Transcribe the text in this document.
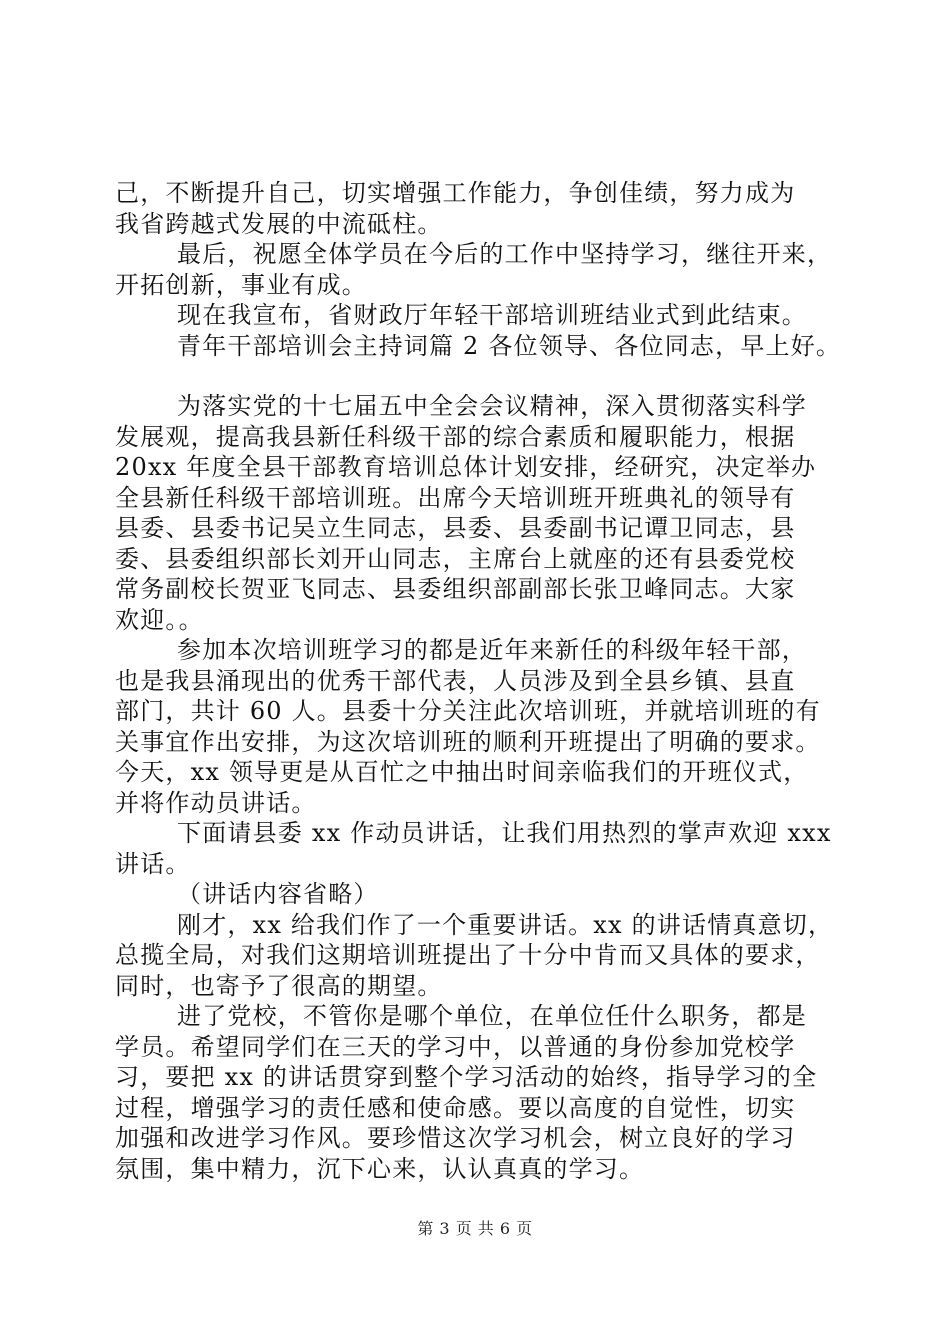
己，不断提升自己，切实增强工作能力，争创佳绩，努力成为
我省跨越式发展的中流砥柱。
最后，祝愿全体学员在今后的工作中坚持学习，继往开来，
开拓创新，事业有成。
现在我宣布，省财政厅年轻干部培训班结业式到此结束。
青年干部培训会主持词篇 2 各位领导、各位同志，早上好。
为落实党的十七届五中全会会议精神，深入贯彻落实科学
发展观，提高我县新任科级干部的综合素质和履职能力，根据
20xx 年度全县干部教育培训总体计划安排，经研究，决定举办
全县新任科级干部培训班。出席今天培训班开班典礼的领导有
县委、县委书记吴立生同志，县委、县委副书记谭卫同志，县
委、县委组织部长刘开山同志，主席台上就座的还有县委党校
常务副校长贺亚飞同志、县委组织部副部长张卫峰同志。大家
欢迎。。
参加本次培训班学习的都是近年来新任的科级年轻干部，
也是我县涌现出的优秀干部代表，人员涉及到全县乡镇、县直
部门，共计 60 人。县委十分关注此次培训班，并就培训班的有
关事宜作出安排，为这次培训班的顺利开班提出了明确的要求。
今天，xx 领导更是从百忙之中抽出时间亲临我们的开班仪式，
并将作动员讲话。
下面请县委 xx 作动员讲话，让我们用热烈的掌声欢迎 xxx
讲话。
（讲话内容省略）
刚才，xx 给我们作了一个重要讲话。xx 的讲话情真意切，
总揽全局，对我们这期培训班提出了十分中肯而又具体的要求，
同时，也寄予了很高的期望。
进了党校，不管你是哪个单位，在单位任什么职务，都是
学员。希望同学们在三天的学习中，以普通的身份参加党校学
习，要把 xx 的讲话贯穿到整个学习活动的始终，指导学习的全
过程，增强学习的责任感和使命感。要以高度的自觉性，切实
加强和改进学习作风。要珍惜这次学习机会，树立良好的学习
氛围，集中精力，沉下心来，认认真真的学习。
第 3 页 共 6 页
